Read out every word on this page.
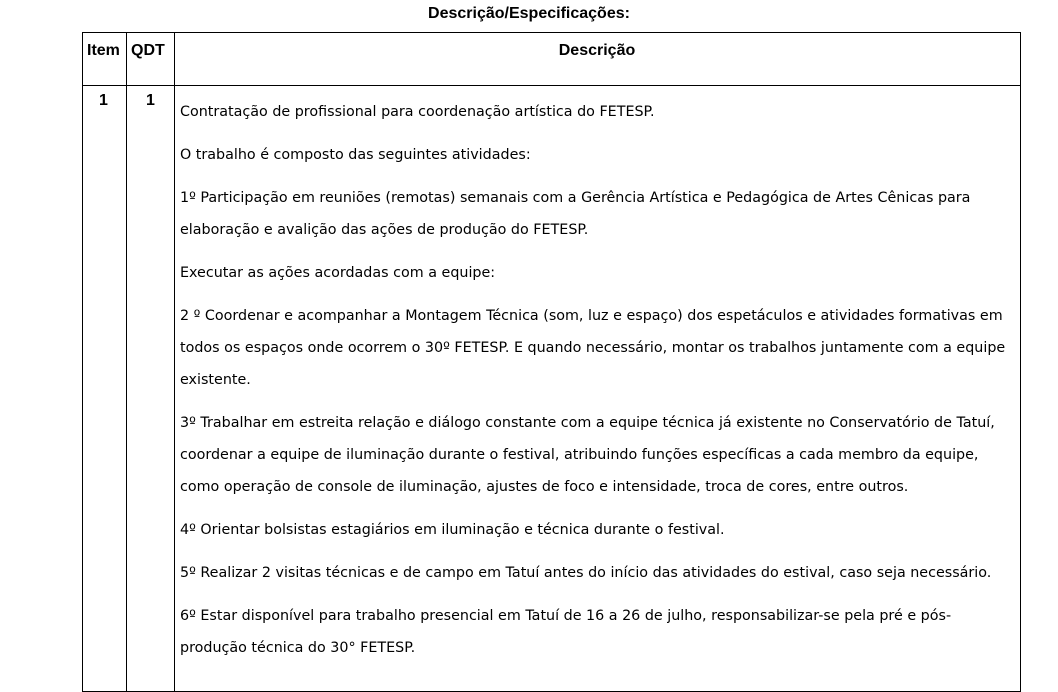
Descrição/Especificações:
Item QDT	Descrição
1 1

Contratação de profissional para coordenação artística do FETESP.

O trabalho é composto das seguintes atividades:

1º Participação em reuniões (remotas) semanais com a Gerência Artística e Pedagógica de Artes Cênicas para elaboração e avalição das ações de produção do FETESP.

Executar as ações acordadas com a equipe:

2 º Coordenar e acompanhar a Montagem Técnica (som, luz e espaço) dos espetáculos e atividades formativas em todos os espaços onde ocorrem o 30º FETESP. E quando necessário, montar os trabalhos juntamente com a equipe existente.

3º Trabalhar em estreita relação e diálogo constante com a equipe técnica já existente no Conservatório de Tatuí, coordenar a equipe de iluminação durante o festival, atribuindo funções específicas a cada membro da equipe, como operação de console de iluminação, ajustes de foco e intensidade, troca de cores, entre outros.

4º Orientar bolsistas estagiários em iluminação e técnica durante o festival.

5º Realizar 2 visitas técnicas e de campo em Tatuí antes do início das atividades do estival, caso seja necessário.

6º Estar disponível para trabalho presencial em Tatuí de 16 a 26 de julho, responsabilizar-se pela pré e pós-produção técnica do 30° FETESP.
